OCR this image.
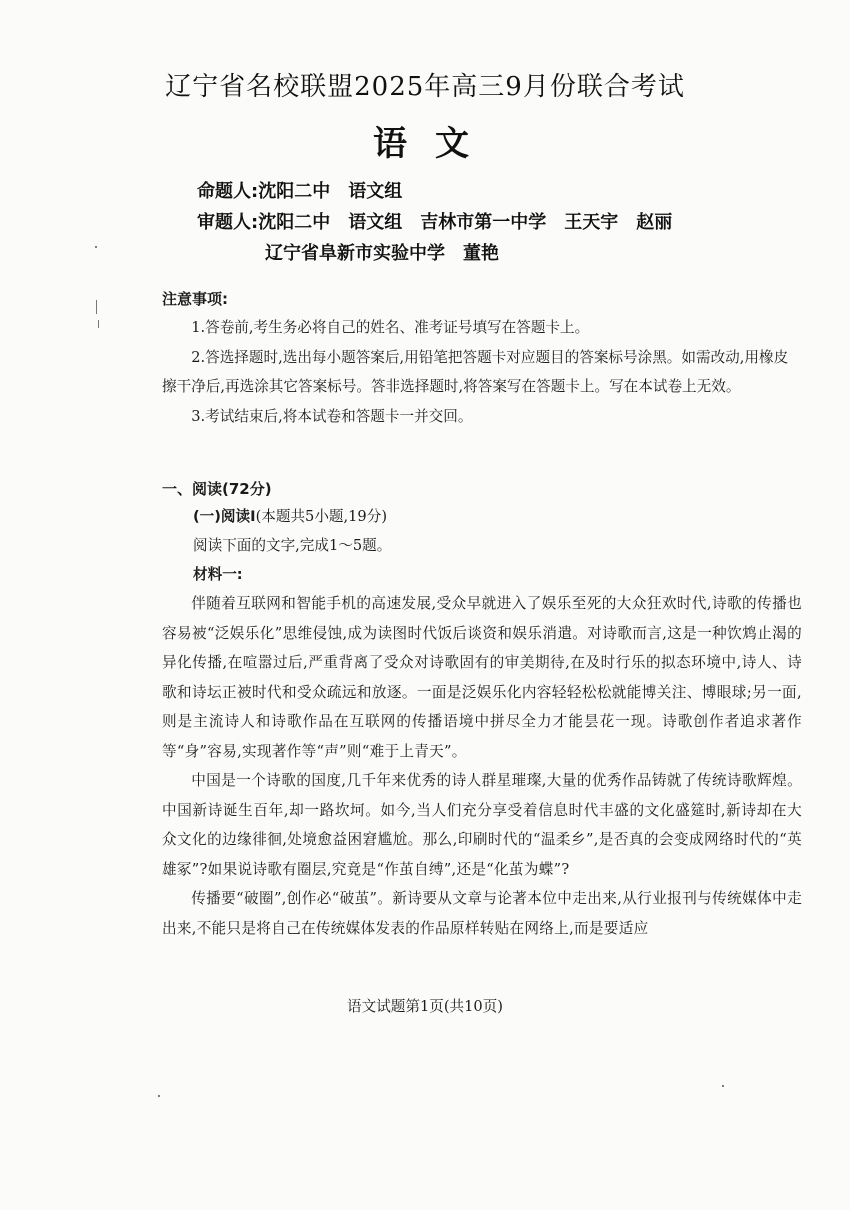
辽宁省名校联盟2025年高三9月份联合考试
语文
命题人:沈阳二中　语文组
审题人:沈阳二中　语文组　吉林市第一中学　王天宇　赵丽
辽宁省阜新市实验中学　董艳
注意事项:

1.答卷前,考生务必将自己的姓名、准考证号填写在答题卡上。

2.答选择题时,选出每小题答案后,用铅笔把答题卡对应题目的答案标号涂黑。如需改动,用橡皮擦干净后,再选涂其它答案标号。答非选择题时,将答案写在答题卡上。写在本试卷上无效。

3.考试结束后,将本试卷和答题卡一并交回。

一、阅读(72分)
(一)阅读Ⅰ(本题共5小题,19分)
阅读下面的文字,完成1～5题。
材料一:

伴随着互联网和智能手机的高速发展,受众早就进入了娱乐至死的大众狂欢时代,诗歌的传播也容易被“泛娱乐化”思维侵蚀,成为读图时代饭后谈资和娱乐消遣。对诗歌而言,这是一种饮鸩止渴的异化传播,在喧嚣过后,严重背离了受众对诗歌固有的审美期待,在及时行乐的拟态环境中,诗人、诗歌和诗坛正被时代和受众疏远和放逐。一面是泛娱乐化内容轻轻松松就能博关注、博眼球;另一面,则是主流诗人和诗歌作品在互联网的传播语境中拼尽全力才能昙花一现。诗歌创作者追求著作等“身”容易,实现著作等“声”则“难于上青天”。

中国是一个诗歌的国度,几千年来优秀的诗人群星璀璨,大量的优秀作品铸就了传统诗歌辉煌。中国新诗诞生百年,却一路坎坷。如今,当人们充分享受着信息时代丰盛的文化盛筵时,新诗却在大众文化的边缘徘徊,处境愈益困窘尴尬。那么,印刷时代的“温柔乡”,是否真的会变成网络时代的“英雄冢”?如果说诗歌有圈层,究竟是“作茧自缚”,还是“化茧为蝶”?

传播要“破圈”,创作必“破茧”。新诗要从文章与论著本位中走出来,从行业报刊与传统媒体中走出来,不能只是将自己在传统媒体发表的作品原样转贴在网络上,而是要适应

语文试题第1页(共10页)
